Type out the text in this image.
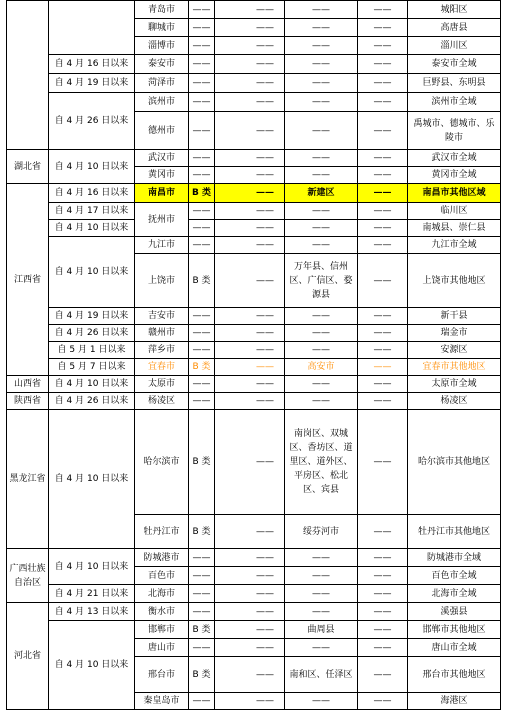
		青岛市	——	——	——	——	城阳区
		聊城市	——	——	——	——	高唐县
		淄博市	——	——	——	——	淄川区
	自 4 月 16 日以来	泰安市	——	——	——	——	泰安市全域
	自 4 月 19 日以来	菏泽市	——	——	——	——	巨野县、东明县
	自 4 月 26 日以来	滨州市	——	——	——	——	滨州市全域
		德州市	——	——	——	——	禹城市、德城市、乐陵市
湖北省	自 4 月 10 日以来	武汉市	——	——	——	——	武汉市全域
		黄冈市	——	——	——	——	黄冈市全域
江西省	自 4 月 16 日以来	南昌市	B 类	——	新建区	——	南昌市其他区域
	自 4 月 17 日以来	抚州市	——	——	——	——	临川区
	自 4 月 10 日以来		——	——	——	——	南城县、崇仁县
	自 4 月 10 日以来	九江市	——	——	——	——	九江市全域
		上饶市	B 类	——	万年县、信州区、广信区、婺源县	——	上饶市其他地区
	自 4 月 19 日以来	吉安市	——	——	——	——	新干县
	自 4 月 26 日以来	赣州市	——	——	——	——	瑞金市
	自 5 月 1 日以来	萍乡市	——	——	——	——	安源区
	自 5 月 7 日以来	宜春市	B 类	——	高安市	——	宜春市其他地区
山西省	自 4 月 10 日以来	太原市	——	——	——	——	太原市全域
陕西省	自 4 月 26 日以来	杨凌区	——	——	——	——	杨凌区
黑龙江省	自 4 月 10 日以来	哈尔滨市	B 类	——	南岗区、双城区、香坊区、道里区、道外区、平房区、松北区、宾县	——	哈尔滨市其他地区
		牡丹江市	B 类	——	绥芬河市	——	牡丹江市其他地区
广西壮族自治区	自 4 月 10 日以来	防城港市	——	——	——	——	防城港市全域
		百色市	——	——	——	——	百色市全域
	自 4 月 21 日以来	北海市	——	——	——	——	北海市全域
河北省	自 4 月 13 日以来	衡水市	——	——	——	——	溪强县
	自 4 月 10 日以来	邯郸市	B 类	——	曲周县	——	邯郸市其他地区
		唐山市	——	——	——	——	唐山市全域
		邢台市	B 类	——	南和区、任泽区	——	邢台市其他地区
		秦皇岛市	——	——	——	——	海港区
